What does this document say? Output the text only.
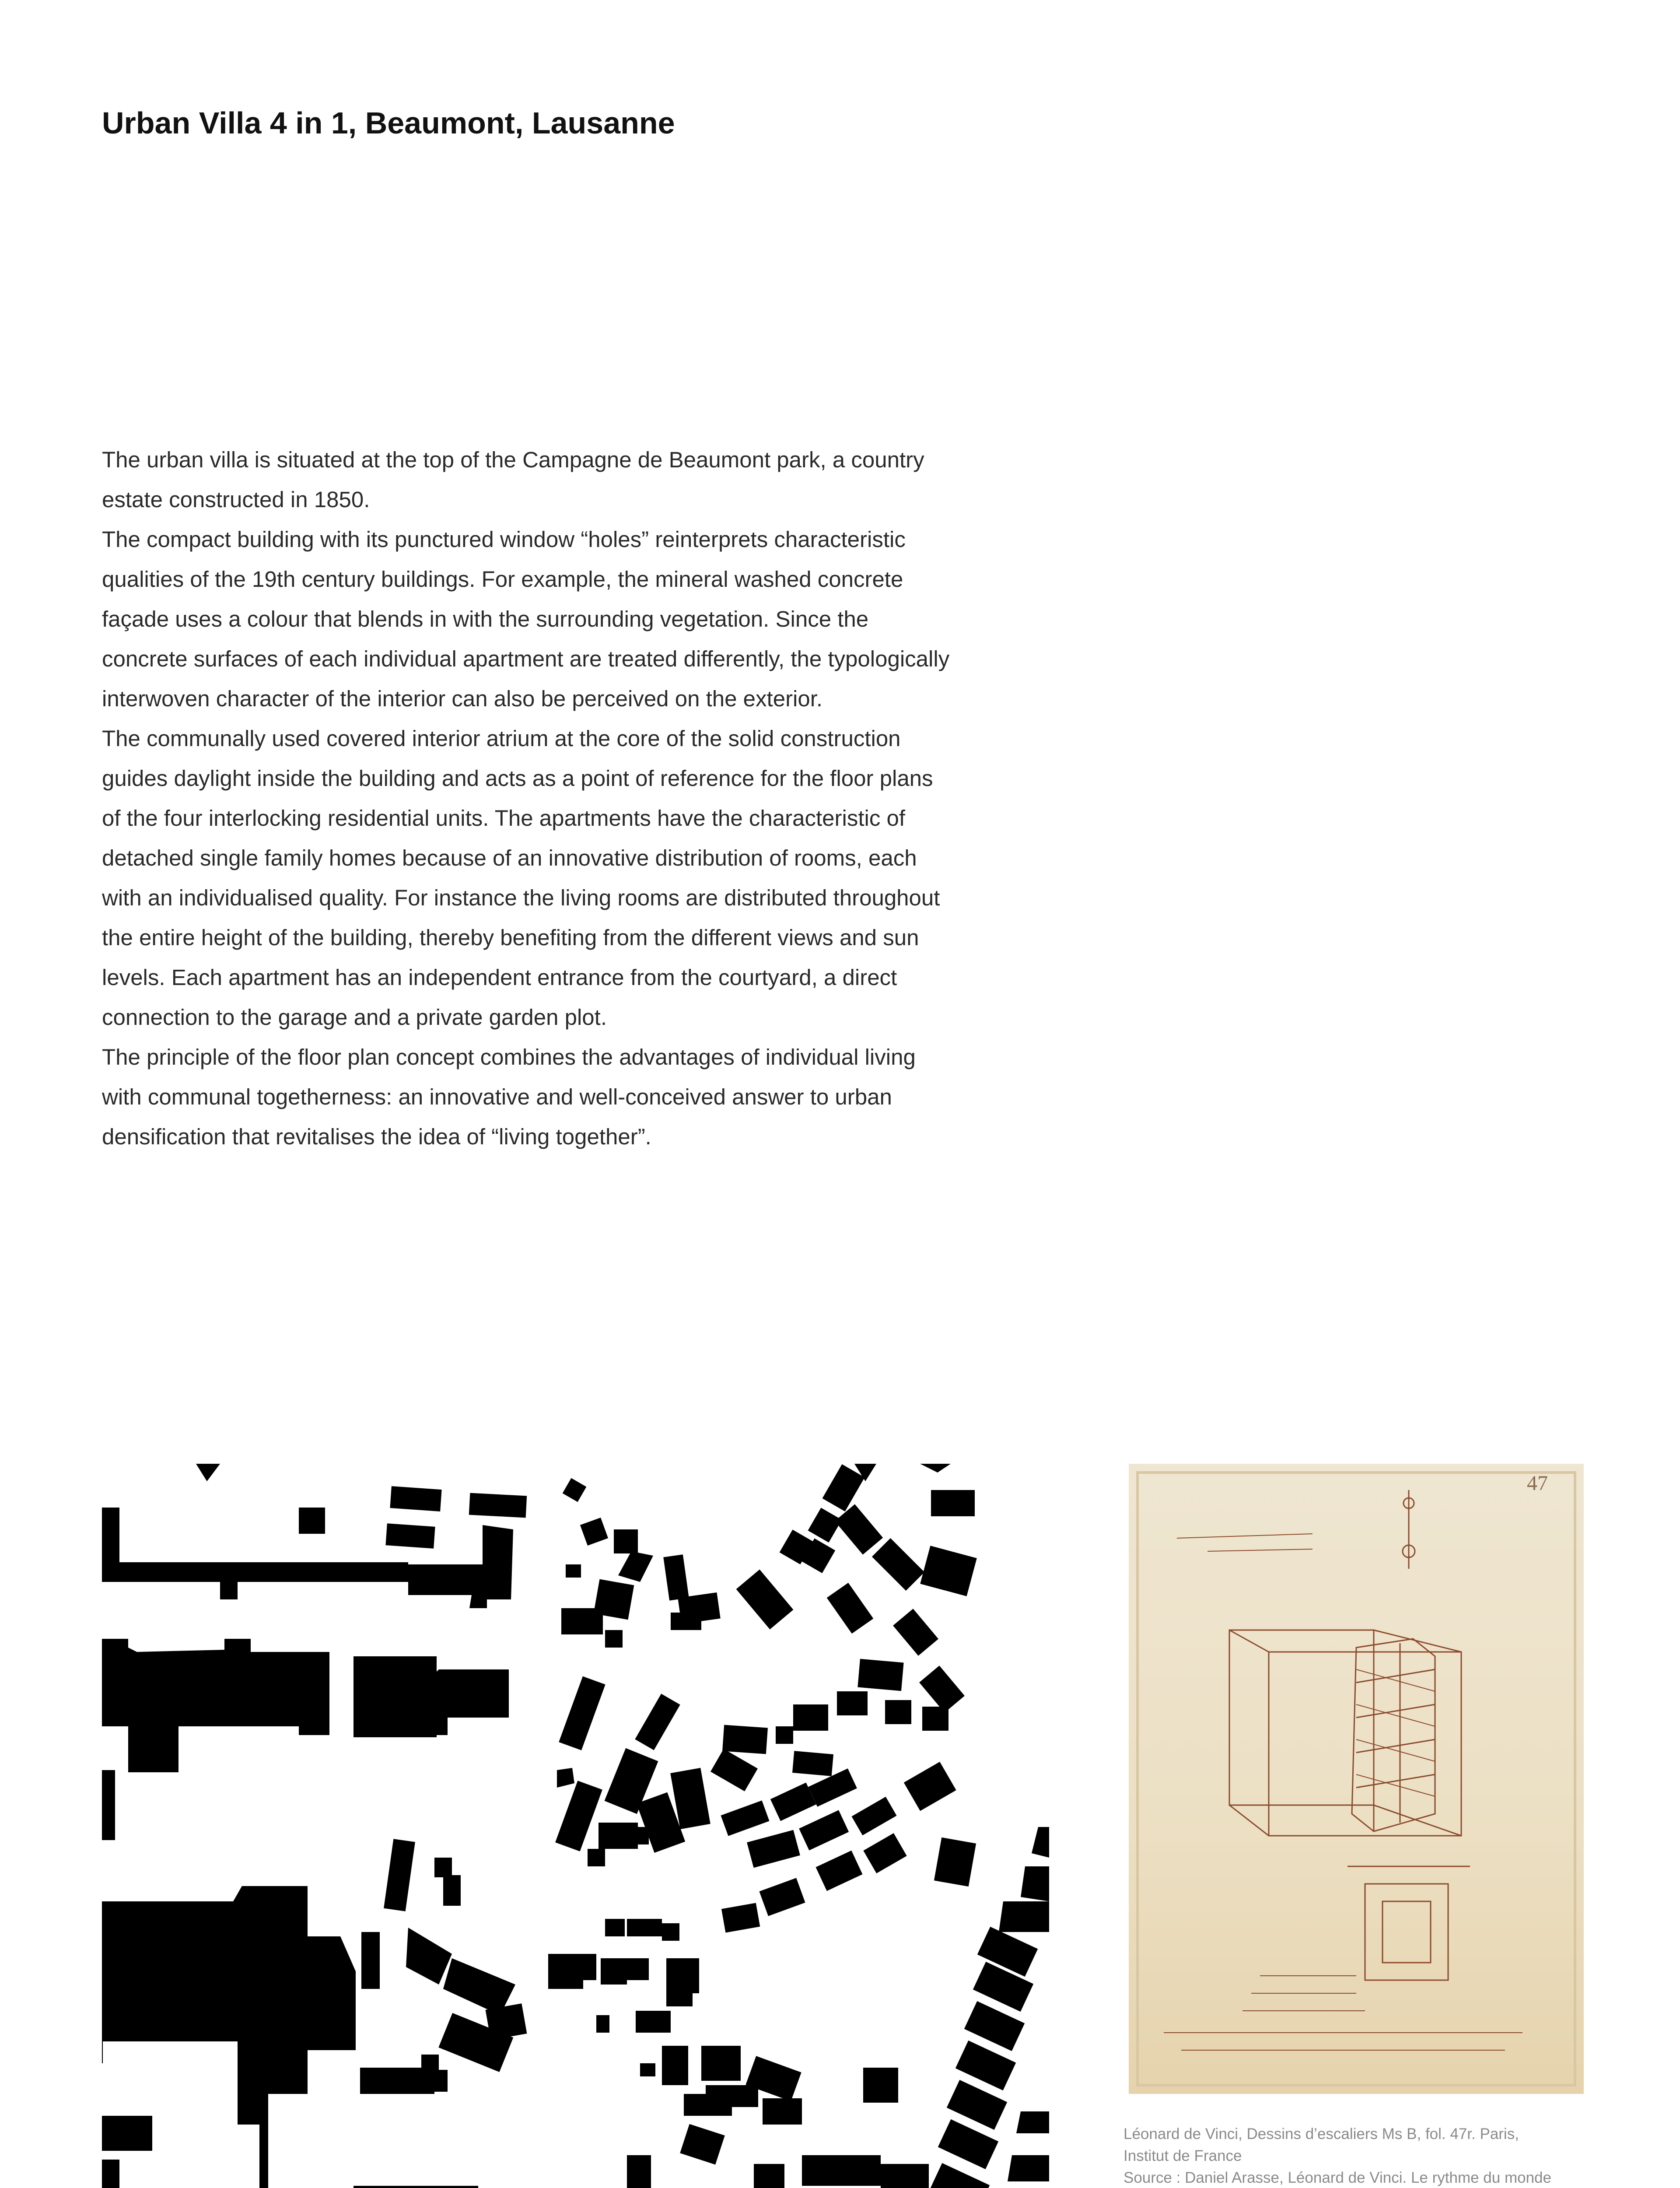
Urban Villa 4 in 1, Beaumont, Lausanne

The urban villa is situated at the top of the Campagne de Beaumont park, a country

estate constructed in 1850.

The compact building with its punctured window “holes” reinterprets characteristic

qualities of the 19th century buildings. For example, the mineral washed concrete

façade uses a colour that blends in with the surrounding vegetation. Since the

concrete surfaces of each individual apartment are treated differently, the typologically

interwoven character of the interior can also be perceived on the exterior.

The communally used covered interior atrium at the core of the solid construction

guides daylight inside the building and acts as a point of reference for the floor plans

of the four interlocking residential units. The apartments have the characteristic of

detached single family homes because of an innovative distribution of rooms, each

with an individualised quality. For instance the living rooms are distributed throughout

the entire height of the building, thereby benefiting from the different views and sun

levels. Each apartment has an independent entrance from the courtyard, a direct

connection to the garage and a private garden plot.

The principle of the floor plan concept combines the advantages of individual living

with communal togetherness: an innovative and well-conceived answer to urban

densification that revitalises the idea of “living together”.

47
Léonard de Vinci, Dessins d’escaliers Ms B, fol. 47r. Paris,
Institut de France
Source : Daniel Arasse, Léonard de Vinci. Le rythme du monde
